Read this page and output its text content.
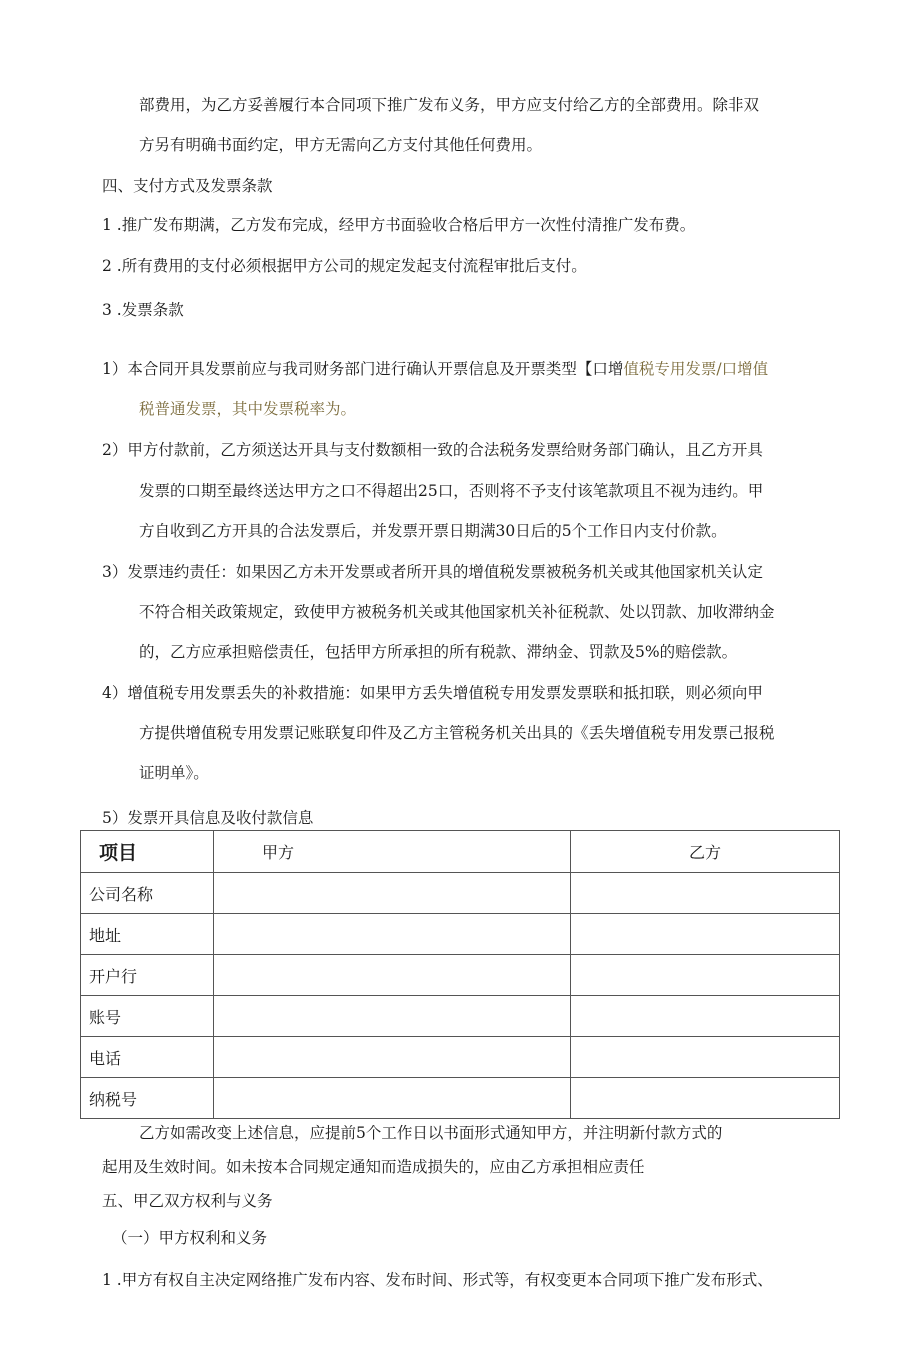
部费用，为乙方妥善履行本合同项下推广发布义务，甲方应支付给乙方的全部费用。除非双
方另有明确书面约定，甲方无需向乙方支付其他任何费用。
四、支付方式及发票条款
1 .推广发布期满，乙方发布完成，经甲方书面验收合格后甲方一次性付清推广发布费。
2 .所有费用的支付必须根据甲方公司的规定发起支付流程审批后支付。
3 .发票条款
1）本合同开具发票前应与我司财务部门进行确认开票信息及开票类型【口增值税专用发票/口增值
税普通发票，其中发票税率为。
2）甲方付款前，乙方须送达开具与支付数额相一致的合法税务发票给财务部门确认，且乙方开具
发票的口期至最终送达甲方之口不得超出25口，否则将不予支付该笔款项且不视为违约。甲
方自收到乙方开具的合法发票后，并发票开票日期满30日后的5个工作日内支付价款。
3）发票违约责任：如果因乙方未开发票或者所开具的增值税发票被税务机关或其他国家机关认定
不符合相关政策规定，致使甲方被税务机关或其他国家机关补征税款、处以罚款、加收滞纳金
的，乙方应承担赔偿责任，包括甲方所承担的所有税款、滞纳金、罚款及5%的赔偿款。
4）增值税专用发票丢失的补救措施：如果甲方丢失增值税专用发票发票联和抵扣联，则必须向甲
方提供增值税专用发票记账联复印件及乙方主管税务机关出具的《丢失增值税专用发票己报税
证明单》。
5）发票开具信息及收付款信息
项目	甲方	乙方
公司名称		
地址		
开户行		
账号		
电话		
纳税号		
乙方如需改变上述信息，应提前5个工作日以书面形式通知甲方，并注明新付款方式的
起用及生效时间。如未按本合同规定通知而造成损失的，应由乙方承担相应责任
五、甲乙双方权利与义务
（一）甲方权利和义务
1 .甲方有权自主决定网络推广发布内容、发布时间、形式等，有权变更本合同项下推广发布形式、
